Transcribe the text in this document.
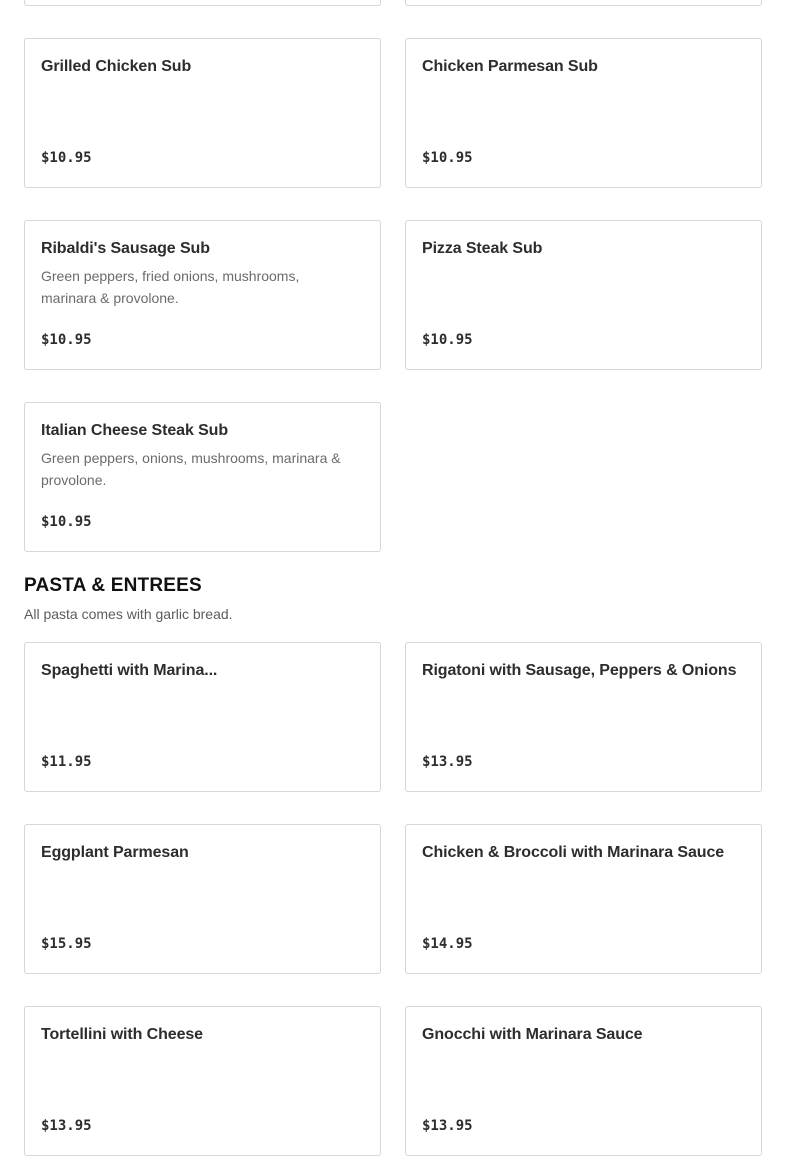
Grilled Chicken Sub
$10.95
Chicken Parmesan Sub
$10.95
Ribaldi's Sausage Sub
Green peppers, fried onions, mushrooms, marinara & provolone.
$10.95
Pizza Steak Sub
$10.95
Italian Cheese Steak Sub
Green peppers, onions, mushrooms, marinara & provolone.
$10.95
PASTA & ENTREES

All pasta comes with garlic bread.

Spaghetti with Marina...
$11.95
Rigatoni with Sausage, Peppers & Onions
$13.95
Eggplant Parmesan
$15.95
Chicken & Broccoli with Marinara Sauce
$14.95
Tortellini with Cheese
$13.95
Gnocchi with Marinara Sauce
$13.95
